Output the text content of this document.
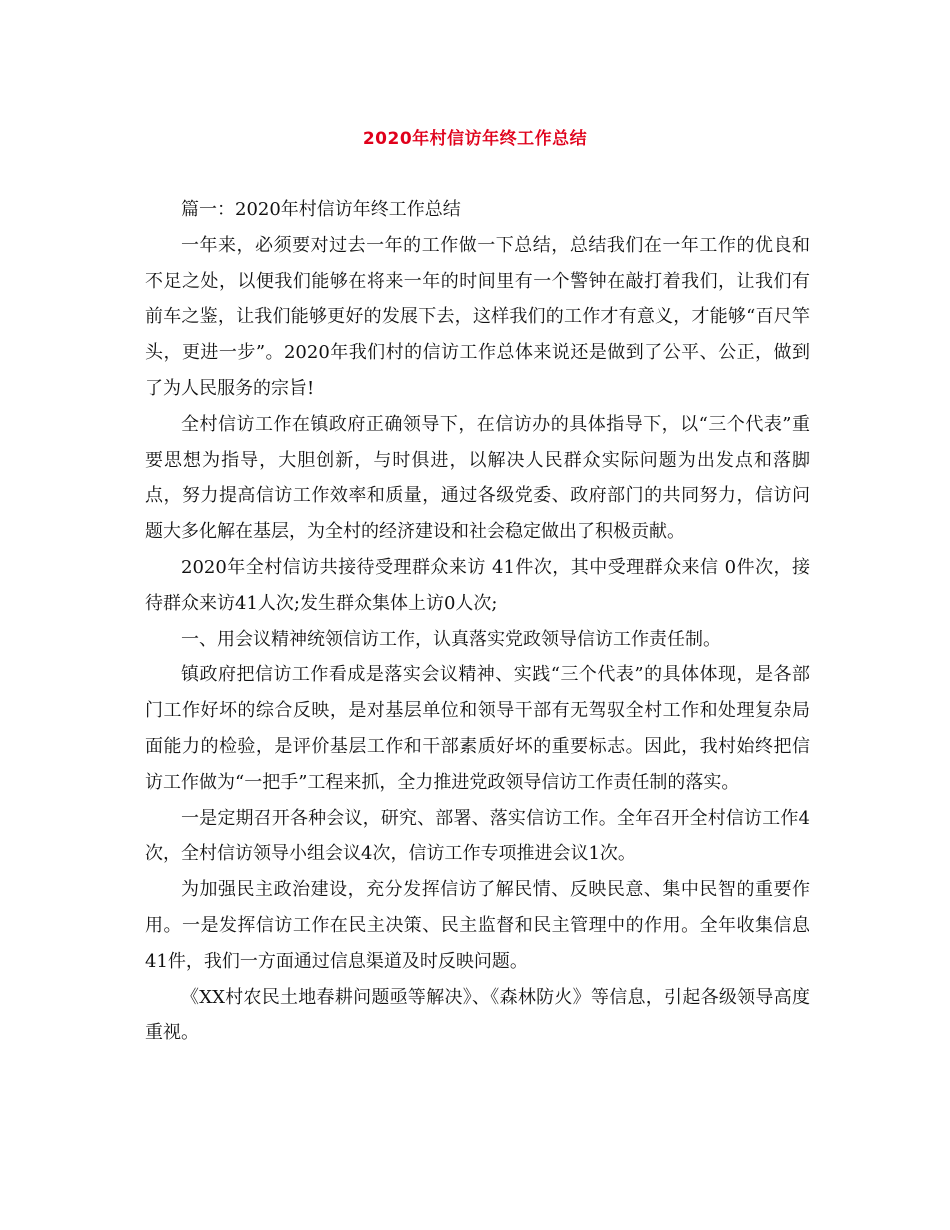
2020年村信访年终工作总结

篇一：2020年村信访年终工作总结

一年来，必须要对过去一年的工作做一下总结，总结我们在一年工作的优良和不足之处，以便我们能够在将来一年的时间里有一个警钟在敲打着我们，让我们有前车之鉴，让我们能够更好的发展下去，这样我们的工作才有意义，才能够“百尺竿头，更进一步”。2020年我们村的信访工作总体来说还是做到了公平、公正，做到了为人民服务的宗旨!

全村信访工作在镇政府正确领导下，在信访办的具体指导下，以“三个代表”重要思想为指导，大胆创新，与时俱进，以解决人民群众实际问题为出发点和落脚点，努力提高信访工作效率和质量，通过各级党委、政府部门的共同努力，信访问题大多化解在基层，为全村的经济建设和社会稳定做出了积极贡献。

2020年全村信访共接待受理群众来访 41件次，其中受理群众来信 0件次，接待群众来访41人次;发生群众集体上访0人次;

一、用会议精神统领信访工作，认真落实党政领导信访工作责任制。

镇政府把信访工作看成是落实会议精神、实践“三个代表”的具体体现，是各部门工作好坏的综合反映，是对基层单位和领导干部有无驾驭全村工作和处理复杂局面能力的检验，是评价基层工作和干部素质好坏的重要标志。因此，我村始终把信访工作做为“一把手”工程来抓，全力推进党政领导信访工作责任制的落实。

一是定期召开各种会议，研究、部署、落实信访工作。全年召开全村信访工作4次，全村信访领导小组会议4次，信访工作专项推进会议1次。

为加强民主政治建设，充分发挥信访了解民情、反映民意、集中民智的重要作用。一是发挥信访工作在民主决策、民主监督和民主管理中的作用。全年收集信息 41件，我们一方面通过信息渠道及时反映问题。

《XX村农民土地春耕问题亟等解决》、《森林防火》等信息，引起各级领导高度重视。
